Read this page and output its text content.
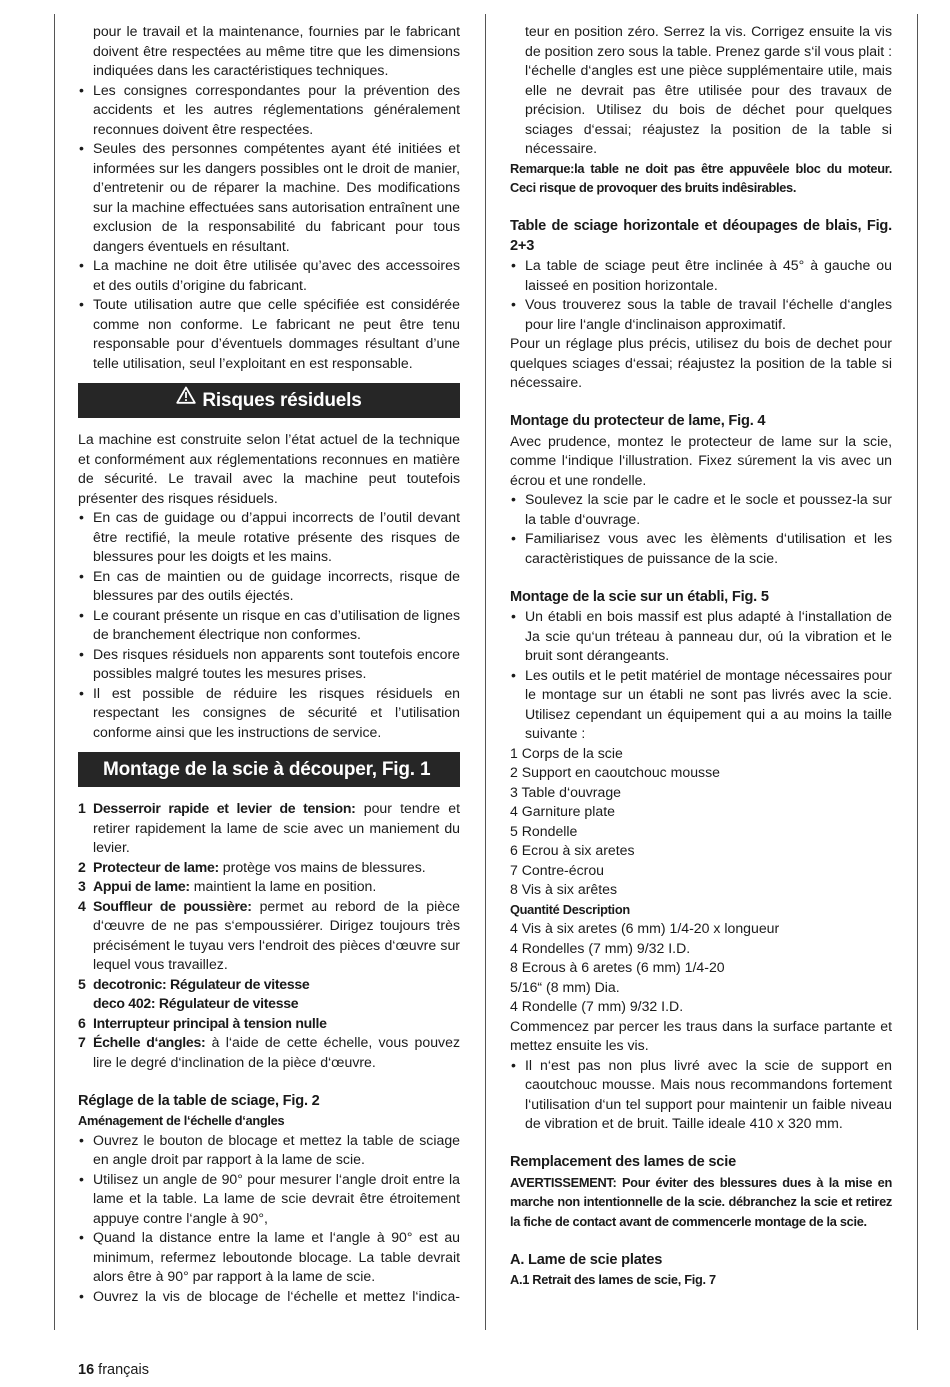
pour le travail et la maintenance, fournies par le fabricant doivent être respectées au même titre que les dimensions indiquées dans les caractéristiques techniques.

• Les consignes correspondantes pour la prévention des accidents et les autres réglementations généralement reconnues doivent être respectées.
• Seules des personnes compétentes ayant été initiées et informées sur les dangers possibles ont le droit de manier, d’entretenir ou de réparer la machine. Des modifications sur la machine effectuées sans autorisation entraînent une exclusion de la responsabilité du fabricant pour tous dangers éventuels en résultant.
• La machine ne doit être utilisée qu’avec des accessoires et des outils d’origine du fabricant.
• Toute utilisation autre que celle spécifiée est considérée comme non conforme. Le fabricant ne peut être tenu responsable pour d’éventuels dommages résultant d’une telle utilisation, seul l’exploitant en est responsable.
Risques résiduels

La machine est construite selon l’état actuel de la technique et conformément aux réglementations reconnues en matière de sécurité. Le travail avec la machine peut toutefois présenter des risques résiduels.

• En cas de guidage ou d’appui incorrects de l’outil devant être rectifié, la meule rotative présente des risques de blessures pour les doigts et les mains.
• En cas de maintien ou de guidage incorrects, risque de blessures par des outils éjectés.
• Le courant présente un risque en cas d’utilisation de lignes de branchement électrique non conformes.
• Des risques résiduels non apparents sont toutefois encore possibles malgré toutes les mesures prises.
• Il est possible de réduire les risques résiduels en respectant les consignes de sécurité et l’utilisation conforme ainsi que les instructions de service.
Montage de la scie à découper, Fig. 1
1 Desserroir rapide et levier de tension: pour tendre et retirer rapidement la lame de scie avec un maniement du levier.
2 Protecteur de lame: protège vos mains de blessures.
3 Appui de lame: maintient la lame en position.
4 Souffleur de poussière: permet au rebord de la pièce d‘œuvre de ne pas s‘empoussiérer. Dirigez toujours très précisément le tuyau vers l‘endroit des pièces d‘œuvre sur lequel vous travaillez.
5 decotronic: Régulateur de vitesse
deco 402: Régulateur de vitesse
6 Interrupteur principal à tension nulle
7 Échelle d‘angles: à l‘aide de cette échelle, vous pouvez lire le degré d‘inclination de la pièce d‘œuvre.

Réglage de la table de sciage, Fig. 2

Aménagement de l‘échelle d‘angles

• Ouvrez le bouton de blocage et mettez la table de sciage en angle droit par rapport à la lame de scie.
• Utilisez un angle de 90° pour mesurer l‘angle droit entre la lame et la table. La lame de scie devrait être étroitement appuye contre l‘angle à 90°,
• Quand la distance entre la lame et l‘angle à 90° est au minimum, refermez leboutonde blocage. La table devrait alors être à 90° par rapport à la lame de scie.
• Ouvrez la vis de blocage de l‘échelle et mettez l‘indica-

teur en position zéro. Serrez la vis. Corrigez ensuite la vis de position zero sous la table. Prenez garde s‘il vous plait : l‘échelle d‘angles est une pièce supplémentaire utile, mais elle ne devrait pas être utilisée pour des travaux de précision. Utilisez du bois de déchet pour quelques sciages d‘essai; réajustez la position de la table si nécessaire.

Remarque:la table ne doit pas être appuvêele bloc du moteur. Ceci risque de provoquer des bruits indêsirables.

Table de sciage horizontale et déoupages de blais, Fig. 2+3

• La table de sciage peut être inclinée à 45° à gauche ou laisseé en position horizontale.
• Vous trouverez sous la table de travail l‘échelle d‘angles pour lire l‘angle d‘inclinaison approximatif.

Pour un réglage plus précis, utilisez du bois de dechet pour quelques sciages d‘essai; réajustez la position de la table si nécessaire.

Montage du protecteur de lame, Fig. 4

Avec prudence, montez le protecteur de lame sur la scie, comme l‘indique l‘illustration. Fixez súrement la vis avec un écrou et une rondelle.

• Soulevez la scie par le cadre et le socle et poussez-la sur la table d‘ouvrage.
• Familiarisez vous avec les èlèments d‘utilisation et les caractèristiques de puissance de la scie.

Montage de la scie sur un établi, Fig. 5

• Un établi en bois massif est plus adapté à l‘installation de Ja scie qu‘un tréteau à panneau dur, oú la vibration et le bruit sont dérangeants.
• Les outils et le petit matériel de montage nécessaires pour le montage sur un établi ne sont pas livrés avec la scie. Utilisez cependant un équipement qui a au moins la taille suivante :
1 Corps de la scie
2 Support en caoutchouc mousse
3 Table d‘ouvrage
4 Garniture plate
5 Rondelle
6 Ecrou à six aretes
7 Contre-écrou
8 Vis à six arêtes

Quantité Description

4 Vis à six aretes (6 mm) 1/4-20 x longueur
4 Rondelles (7 mm) 9/32 I.D.
8 Ecrous à 6 aretes (6 mm) 1/4-20
5/16“ (8 mm) Dia.
4 Rondelle (7 mm) 9/32 I.D.

Commencez par percer les traus dans la surface partante et mettez ensuite les vis.

• Il n‘est pas non plus livré avec la scie de support en caoutchouc mousse. Mais nous recommandons fortement l‘utilisation d‘un tel support pour maintenir un faible niveau de vibration et de bruit. Taille ideale 410 x 320 mm.

Remplacement des lames de scie

AVERTISSEMENT: Pour éviter des blessures dues à la mise en marche non intentionnelle de la scie. débranchez la scie et retirez la fiche de contact avant de commencerle montage de la scie.

A. Lame de scie plates

A.1 Retrait des lames de scie, Fig. 7

16 français
